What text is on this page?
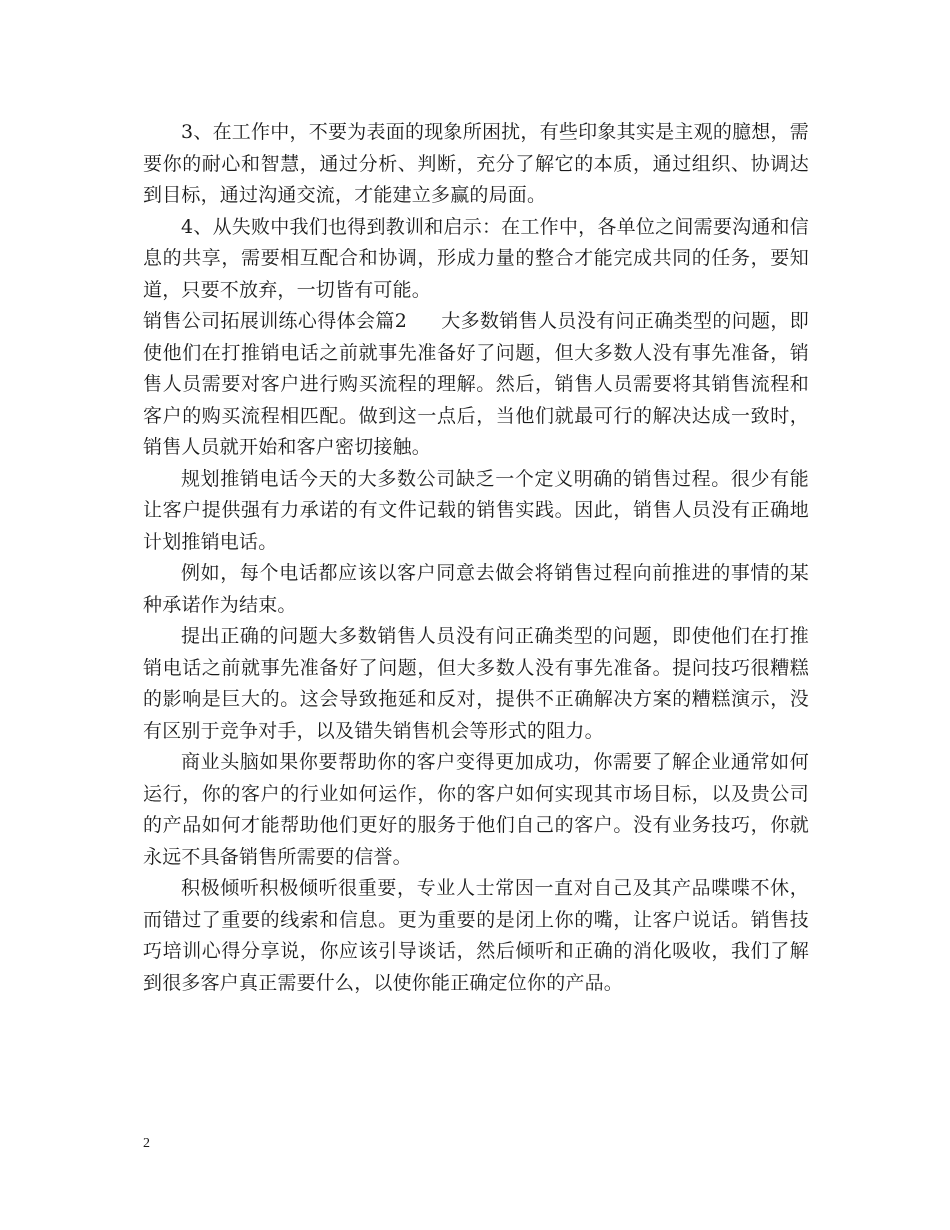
3、在工作中，不要为表面的现象所困扰，有些印象其实是主观的臆想，需要你的耐心和智慧，通过分析、判断，充分了解它的本质，通过组织、协调达到目标，通过沟通交流，才能建立多赢的局面。

4、从失败中我们也得到教训和启示：在工作中，各单位之间需要沟通和信息的共享，需要相互配合和协调，形成力量的整合才能完成共同的任务，要知道，只要不放弃，一切皆有可能。

销售公司拓展训练心得体会篇2 大多数销售人员没有问正确类型的问题，即使他们在打推销电话之前就事先准备好了问题，但大多数人没有事先准备，销售人员需要对客户进行购买流程的理解。然后，销售人员需要将其销售流程和客户的购买流程相匹配。做到这一点后，当他们就最可行的解决达成一致时，销售人员就开始和客户密切接触。

规划推销电话今天的大多数公司缺乏一个定义明确的销售过程。很少有能让客户提供强有力承诺的有文件记载的销售实践。因此，销售人员没有正确地计划推销电话。

例如，每个电话都应该以客户同意去做会将销售过程向前推进的事情的某种承诺作为结束。

提出正确的问题大多数销售人员没有问正确类型的问题，即使他们在打推销电话之前就事先准备好了问题，但大多数人没有事先准备。提问技巧很糟糕的影响是巨大的。这会导致拖延和反对，提供不正确解决方案的糟糕演示，没有区别于竞争对手，以及错失销售机会等形式的阻力。

商业头脑如果你要帮助你的客户变得更加成功，你需要了解企业通常如何运行，你的客户的行业如何运作，你的客户如何实现其市场目标，以及贵公司的产品如何才能帮助他们更好的服务于他们自己的客户。没有业务技巧，你就永远不具备销售所需要的信誉。

积极倾听积极倾听很重要，专业人士常因一直对自己及其产品喋喋不休，而错过了重要的线索和信息。更为重要的是闭上你的嘴，让客户说话。销售技巧培训心得分享说，你应该引导谈话，然后倾听和正确的消化吸收，我们了解到很多客户真正需要什么，以使你能正确定位你的产品。

2
